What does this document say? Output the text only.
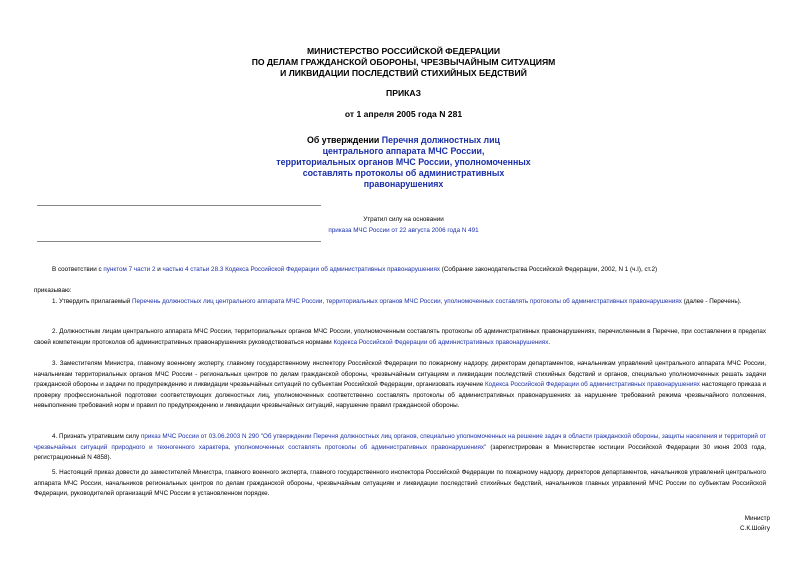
МИНИСТЕРСТВО РОССИЙСКОЙ ФЕДЕРАЦИИ
ПО ДЕЛАМ ГРАЖДАНСКОЙ ОБОРОНЫ, ЧРЕЗВЫЧАЙНЫМ СИТУАЦИЯМ
И ЛИКВИДАЦИИ ПОСЛЕДСТВИЙ СТИХИЙНЫХ БЕДСТВИЙ
ПРИКАЗ
от 1 апреля 2005 года N 281
Об утверждении Перечня должностных лиц
центрального аппарата МЧС России,
территориальных органов МЧС России, уполномоченных
составлять протоколы об административных
правонарушениях
Утратил силу на основании
приказа МЧС России от 22 августа 2006 года N 491
В соответствии с пунктом 7 части 2 и частью 4 статьи 28.3 Кодекса Российской Федерации об административных правонарушениях (Собрание законодательства Российской Федерации, 2002, N 1 (ч.I), ст.2)
приказываю:
1. Утвердить прилагаемый Перечень должностных лиц центрального аппарата МЧС России, территориальных органов МЧС России, уполномоченных составлять протоколы об административных правонарушениях (далее - Перечень).
2. Должностным лицам центрального аппарата МЧС России, территориальных органов МЧС России, уполномоченным составлять протоколы об административных правонарушениях, перечисленным в Перечне, при составлении в пределах своей компетенции протоколов об административных правонарушениях руководствоваться нормами Кодекса Российской Федерации об административных правонарушениях.
3. Заместителям Министра, главному военному эксперту, главному государственному инспектору Российской Федерации по пожарному надзору, директорам департаментов, начальникам управлений центрального аппарата МЧС России, начальникам территориальных органов МЧС России - региональных центров по делам гражданской обороны, чрезвычайным ситуациям и ликвидации последствий стихийных бедствий и органов, специально уполномоченных решать задачи гражданской обороны и задачи по предупреждению и ликвидации чрезвычайных ситуаций по субъектам Российской Федерации, организовать изучение Кодекса Российской Федерации об административных правонарушениях настоящего приказа и проверку профессиональной подготовки соответствующих должностных лиц, уполномоченных соответственно составлять протоколы об административных правонарушениях за нарушение требований режима чрезвычайного положения, невыполнение требований норм и правил по предупреждению и ликвидации чрезвычайных ситуаций, нарушение правил гражданской обороны.
4. Признать утратившим силу приказ МЧС России от 03.06.2003 N 290 "Об утверждении Перечня должностных лиц органов, специально уполномоченных на решение задач в области гражданской обороны, защиты населения и территорий от чрезвычайных ситуаций природного и техногенного характера, уполномоченных составлять протоколы об административных правонарушениях" (зарегистрирован в Министерстве юстиции Российской Федерации 30 июня 2003 года, регистрационный N 4858).
5. Настоящий приказ довести до заместителей Министра, главного военного эксперта, главного государственного инспектора Российской Федерации по пожарному надзору, директоров департаментов, начальников управлений центрального аппарата МЧС России, начальников региональных центров по делам гражданской обороны, чрезвычайным ситуациям и ликвидации последствий стихийных бедствий, начальников главных управлений МЧС России по субъектам Российской Федерации, руководителей организаций МЧС России в установленном порядке.
Министр
С.К.Шойгу
